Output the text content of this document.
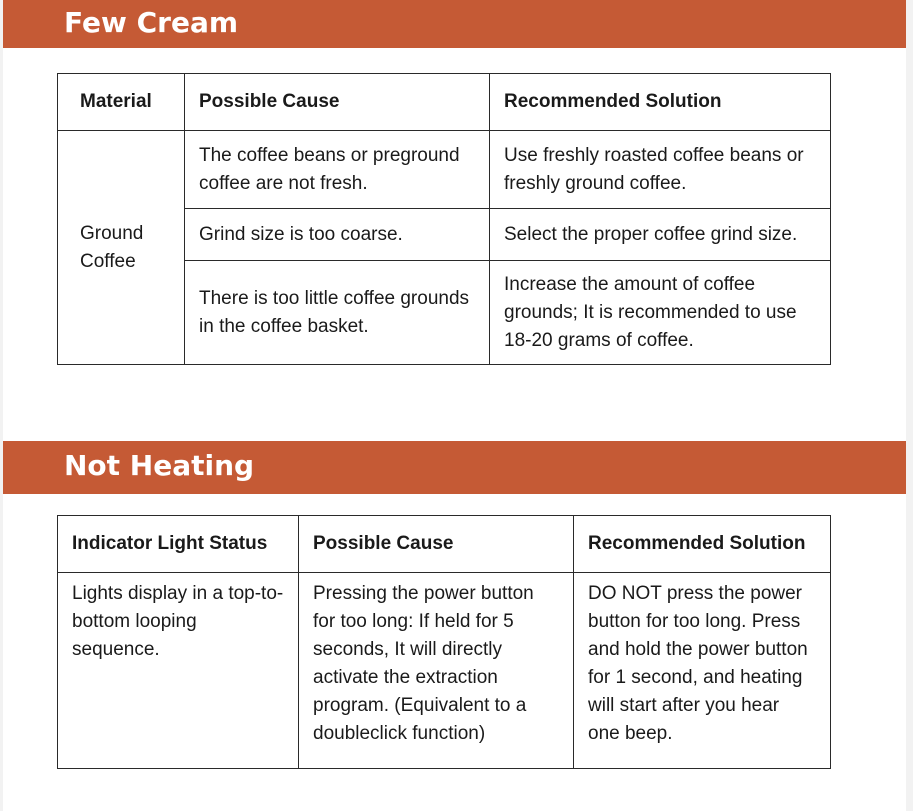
Few Cream
Material	Possible Cause	Recommended Solution
Ground Coffee	The coffee beans or preground coffee are not fresh.	Use freshly roasted coffee beans or freshly ground coffee.
	Grind size is too coarse.	Select the proper coffee grind size.
	There is too little coffee grounds in the coffee basket.	Increase the amount of coffee grounds; It is recommended to use 18-20 grams of coffee.
Not Heating
Indicator Light Status	Possible Cause	Recommended Solution
Lights display in a top-to-bottom looping sequence.	Pressing the power button for too long: If held for 5 seconds, It will directly activate the extraction program. (Equivalent to a doubleclick function)	DO NOT press the power button for too long. Press and hold the power button for 1 second, and heating will start after you hear one beep.
